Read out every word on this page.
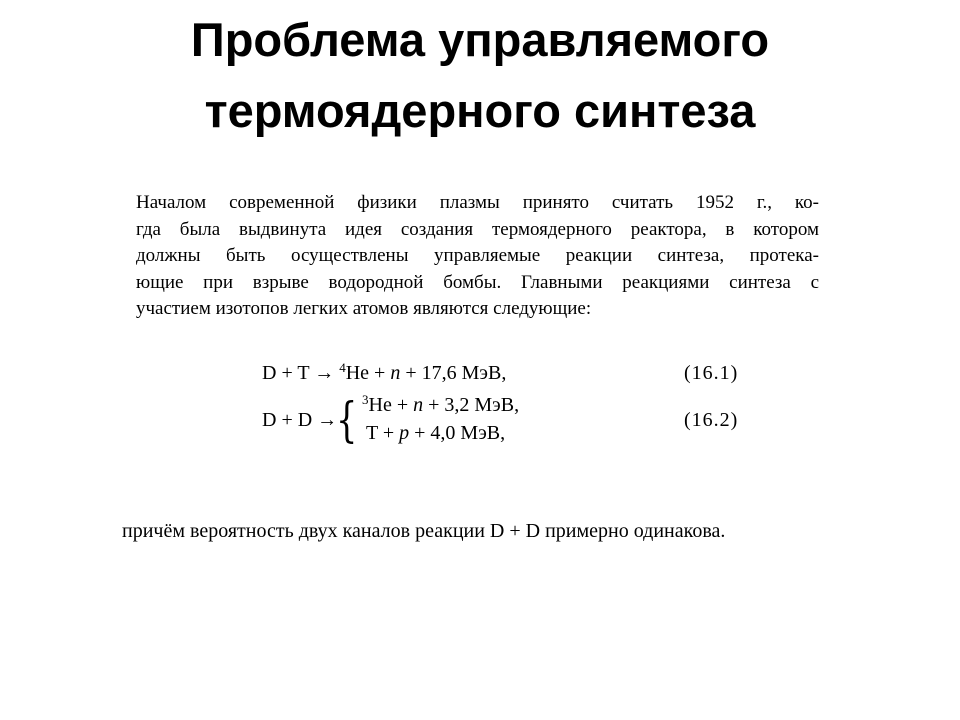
Проблема управляемого
термоядерного синтеза
Началом современной физики плазмы принято считать 1952 г., ко-
гда была выдвинута идея создания термоядерного реактора, в котором
должны быть осуществлены управляемые реакции синтеза, протека-
ющие при взрыве водородной бомбы. Главными реакциями синтеза с
участием изотопов легких атомов являются следующие:
D + T → $^4$He + n + 17,6 МэВ,	(16.1)
D + D →
{ $^3$He + n + 3,2 МэВ,
T + p + 4,0 МэВ,
(16.2)
причём вероятность двух каналов реакции D + D примерно одинакова.
